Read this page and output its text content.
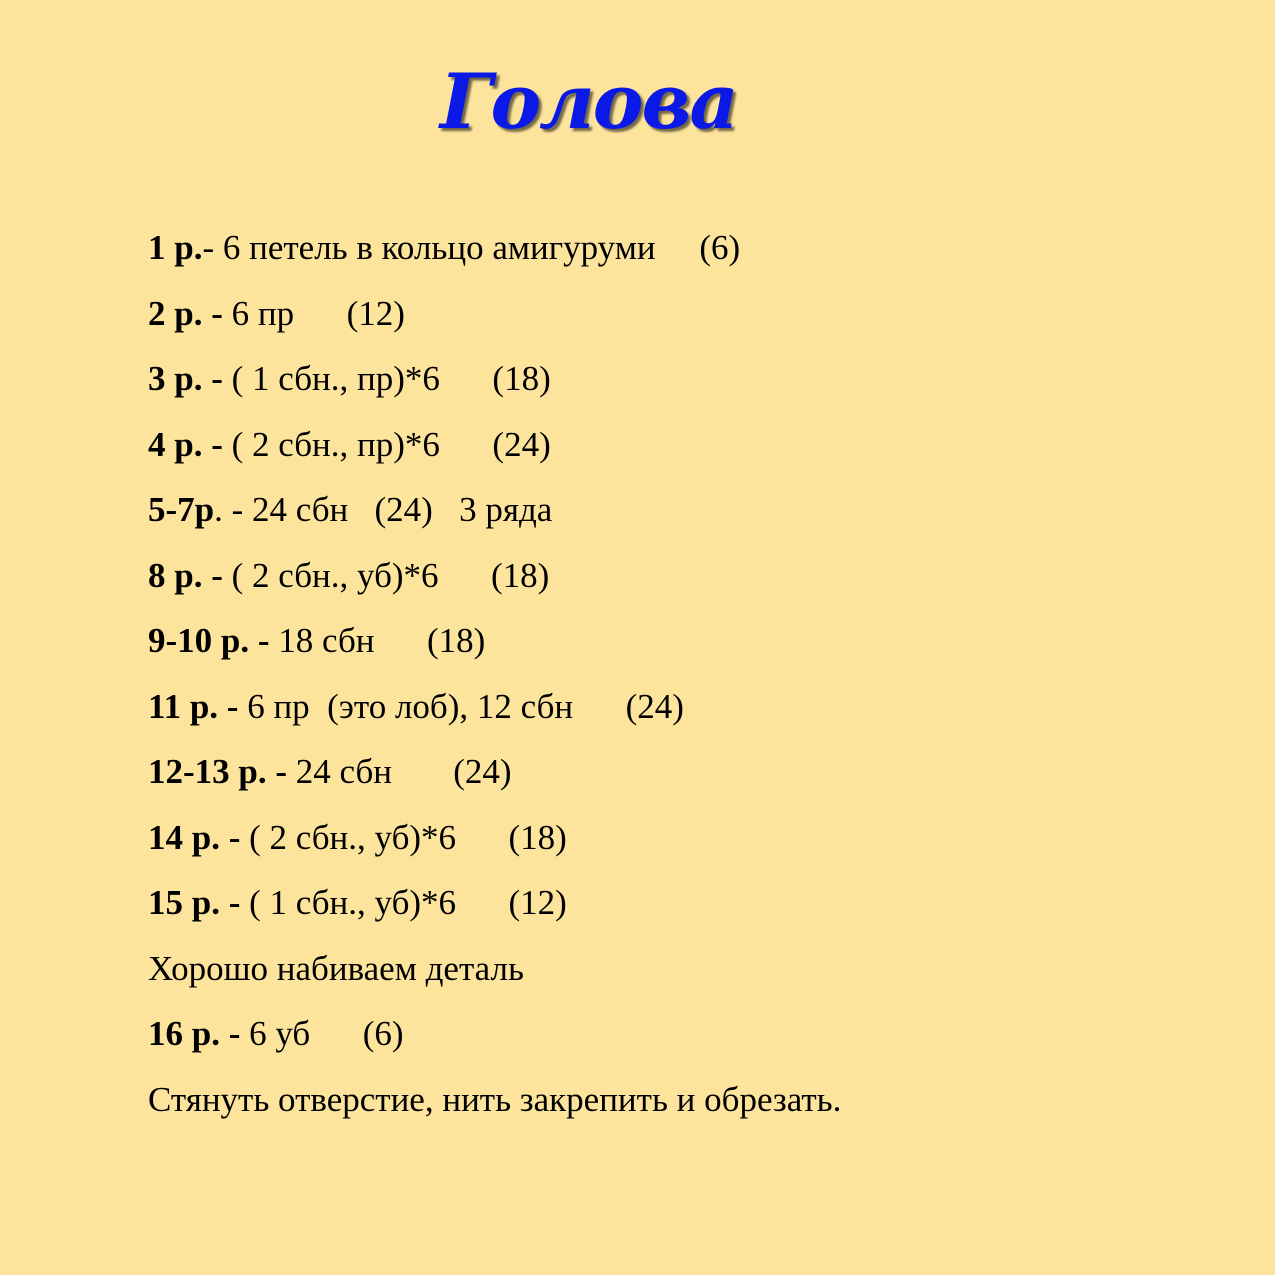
Голова
1 р.- 6 петель в кольцо амигуруми     (6)
2 р. - 6 пр      (12)
3 р. - ( 1 сбн., пр)*6      (18)
4 р. - ( 2 сбн., пр)*6      (24)
5-7р. - 24 сбн   (24)   3 ряда
8 р. - ( 2 сбн., уб)*6      (18)
9-10 р. - 18 сбн      (18)
11 р. - 6 пр  (это лоб), 12 сбн      (24)
12-13 р. - 24 сбн       (24)
14 р. - ( 2 сбн., уб)*6      (18)
15 р. - ( 1 сбн., уб)*6      (12)
Хорошо набиваем деталь
16 р. - 6 уб      (6)
Стянуть отверстие, нить закрепить и обрезать.
